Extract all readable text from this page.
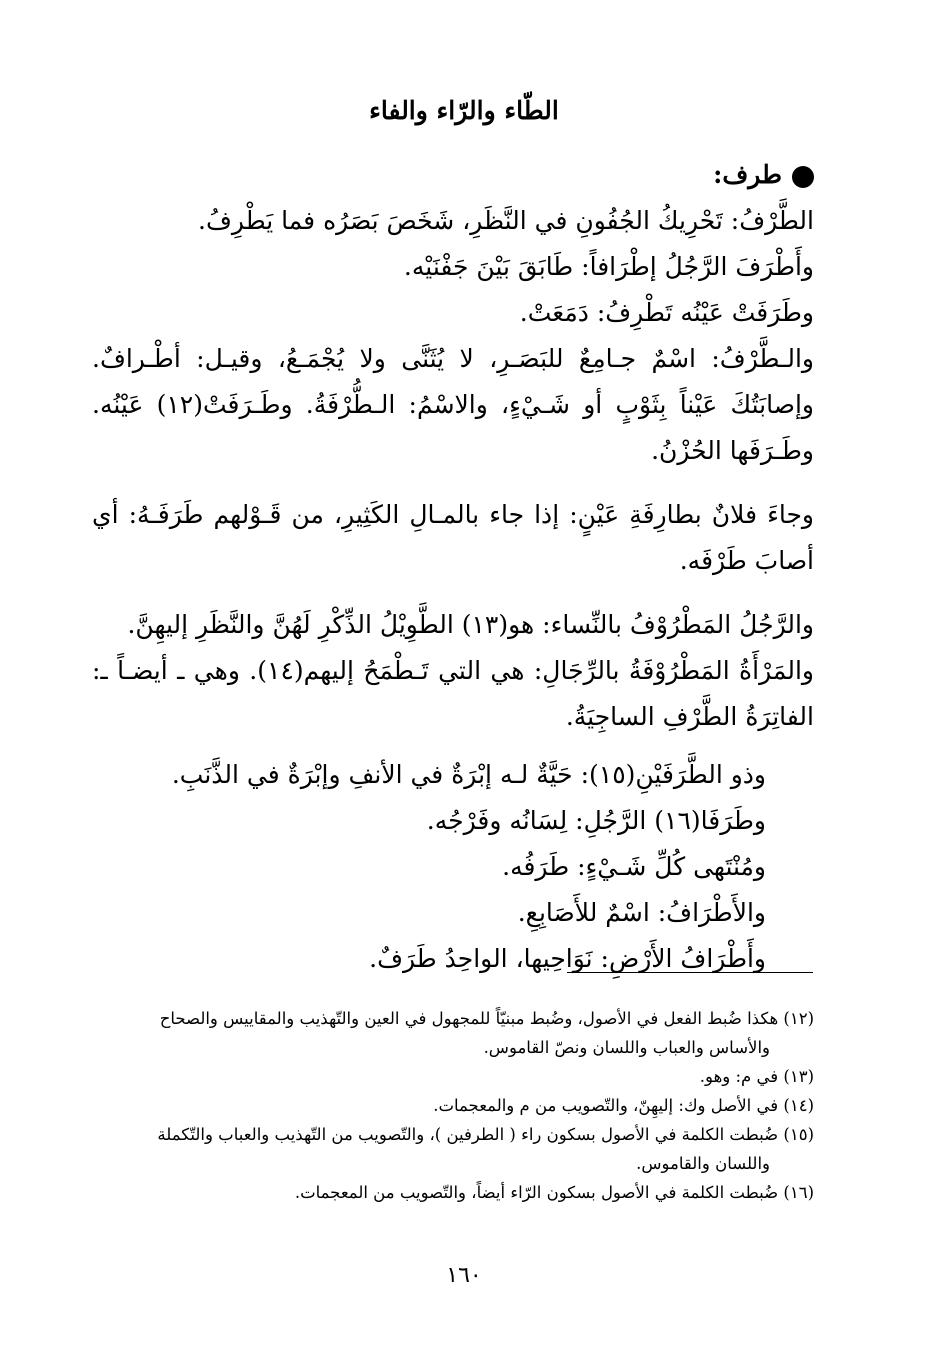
الطّاء والرّاء والفاء

طرف:

الطَّرْفُ: تَحْرِيكُ الجُفُونِ في النَّظَرِ، شَخَصَ بَصَرُه فما يَطْرِفُ.

وأَطْرَفَ الرَّجُلُ إطْرَافاً: طَابَقَ بَيْنَ جَفْنَيْه.

وطَرَفَتْ عَيْنُه تَطْرِفُ: دَمَعَتْ.

والـطَّرْفُ: اسْمٌ جـامِعٌ للبَصَـرِ، لا يُثَنَّى ولا يُجْمَـعُ، وقيـل: أطْـرافٌ. وإصابَتُكَ عَيْناً بِثَوْبٍ أو شَـيْءٍ، والاسْمُ: الـطُّرْفَةُ. وطَـرَفَتْ(١٢) عَيْنُه. وطَـرَفَها الحُزْنُ.

وجاءَ فلانٌ بطارِفَةِ عَيْنٍ: إذا جاء بالمـالِ الكَثِيرِ، من قَـوْلهم طَرَفَـهُ: أي أصابَ طَرْفَه.

والرَّجُلُ المَطْرُوْفُ بالنِّساء: هو(١٣) الطَّوِيْلُ الذِّكْرِ لَهُنَّ والنَّظَرِ إليهِنَّ.

والمَرْأَةُ المَطْرُوْفَةُ بالرِّجَالِ: هي التي تَـطْمَحُ إليهم(١٤). وهي ـ أيضـاً ـ: الفاتِرَةُ الطَّرْفِ الساجِيَةُ.

وذو الطَّرَفَيْنِ(١٥): حَيَّةٌ لـه إبْرَةٌ في الأنفِ وإبْرَةٌ في الذَّنَبِ.

وطَرَفَا(١٦) الرَّجُلِ: لِسَانُه وفَرْجُه.

ومُنْتَهى كُلِّ شَـيْءٍ: طَرَفُه.

والأَطْرَافُ: اسْمٌ للأَصَابِعِ.

وأَطْرَافُ الأَرْضِ: نَوَاحِيها، الواحِدُ طَرَفٌ.

(١٢) هكذا ضُبط الفعل في الأصول، وضُبط مبنيّاً للمجهول في العين والتّهذيب والمقاييس والصحاح

والأساس والعباب واللسان ونصّ القاموس.

(١٣) في م: وهو.

(١٤) في الأصل وك: إليهِنّ، والتّصويب من م والمعجمات.

(١٥) ضُبطت الكلمة في الأصول بسكون راء ( الطرفين )، والتّصويب من التّهذيب والعباب والتّكملة

واللسان والقاموس.

(١٦) ضُبطت الكلمة في الأصول بسكون الرّاء أيضاً، والتّصويب من المعجمات.

١٦٠
